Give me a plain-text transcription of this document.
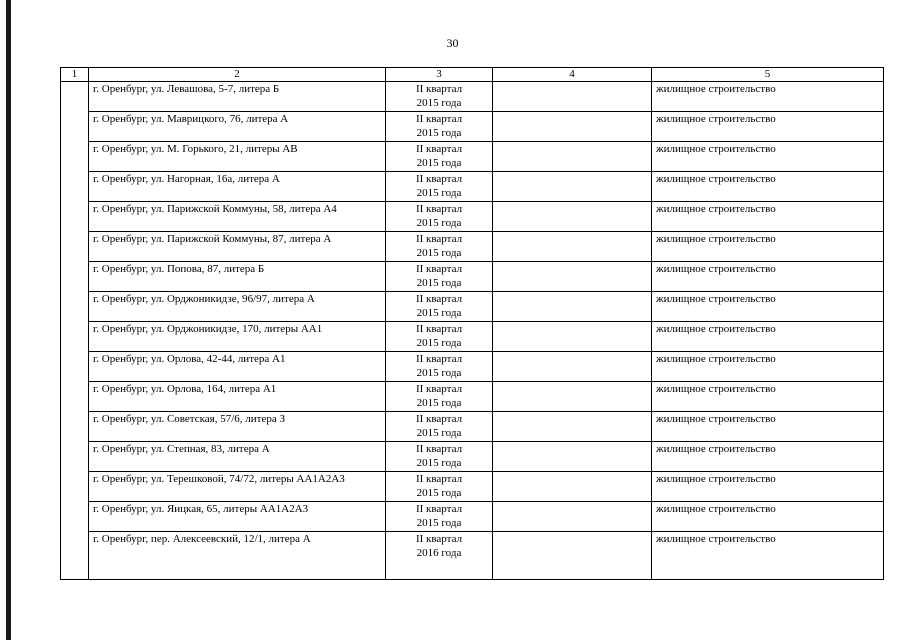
30
1	2	3	4	5
	г. Оренбург, ул. Левашова, 5-7, литера Б	II квартал
2015 года		жилищное строительство
	г. Оренбург, ул. Маврицкого, 76, литера А	II квартал
2015 года		жилищное строительство
	г. Оренбург, ул. М. Горького, 21, литеры АВ	II квартал
2015 года		жилищное строительство
	г. Оренбург, ул. Нагорная, 16а, литера А	II квартал
2015 года		жилищное строительство
	г. Оренбург, ул. Парижской Коммуны, 58, литера А4	II квартал
2015 года		жилищное строительство
	г. Оренбург, ул. Парижской Коммуны, 87, литера А	II квартал
2015 года		жилищное строительство
	г. Оренбург, ул. Попова, 87, литера Б	II квартал
2015 года		жилищное строительство
	г. Оренбург, ул. Орджоникидзе, 96/97, литера А	II квартал
2015 года		жилищное строительство
	г. Оренбург, ул. Орджоникидзе, 170, литеры АА1	II квартал
2015 года		жилищное строительство
	г. Оренбург, ул. Орлова, 42-44, литера А1	II квартал
2015 года		жилищное строительство
	г. Оренбург, ул. Орлова, 164, литера А1	II квартал
2015 года		жилищное строительство
	г. Оренбург, ул. Советская, 57/6, литера З	II квартал
2015 года		жилищное строительство
	г. Оренбург, ул. Степная, 83, литера А	II квартал
2015 года		жилищное строительство
	г. Оренбург, ул. Терешковой, 74/72, литеры АА1А2А3	II квартал
2015 года		жилищное строительство
	г. Оренбург, ул. Яицкая, 65, литеры АА1А2А3	II квартал
2015 года		жилищное строительство
	г. Оренбург, пер. Алексеевский, 12/1, литера А	II квартал
2016 года		жилищное строительство
